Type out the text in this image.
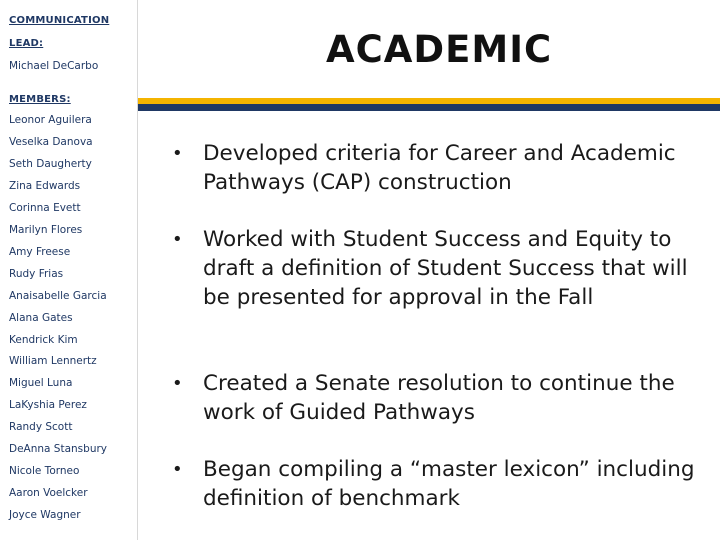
COMMUNICATION
LEAD:
Michael DeCarbo
MEMBERS:
Leonor Aguilera
Veselka Danova
Seth Daugherty
Zina Edwards
Corinna Evett
Marilyn Flores
Amy Freese
Rudy Frias
Anaisabelle Garcia
Alana Gates
Kendrick Kim
William Lennertz
Miguel Luna
LaKyshia Perez
Randy Scott
DeAnna Stansbury
Nicole Torneo
Aaron Voelcker
Joyce Wagner
ACADEMIC
• Developed criteria for Career and Academic Pathways (CAP) construction
• Worked with Student Success and Equity to draft a definition of Student Success that will be presented for approval in the Fall
• Created a Senate resolution to continue the work of Guided Pathways
• Began compiling a “master lexicon” including definition of benchmark
